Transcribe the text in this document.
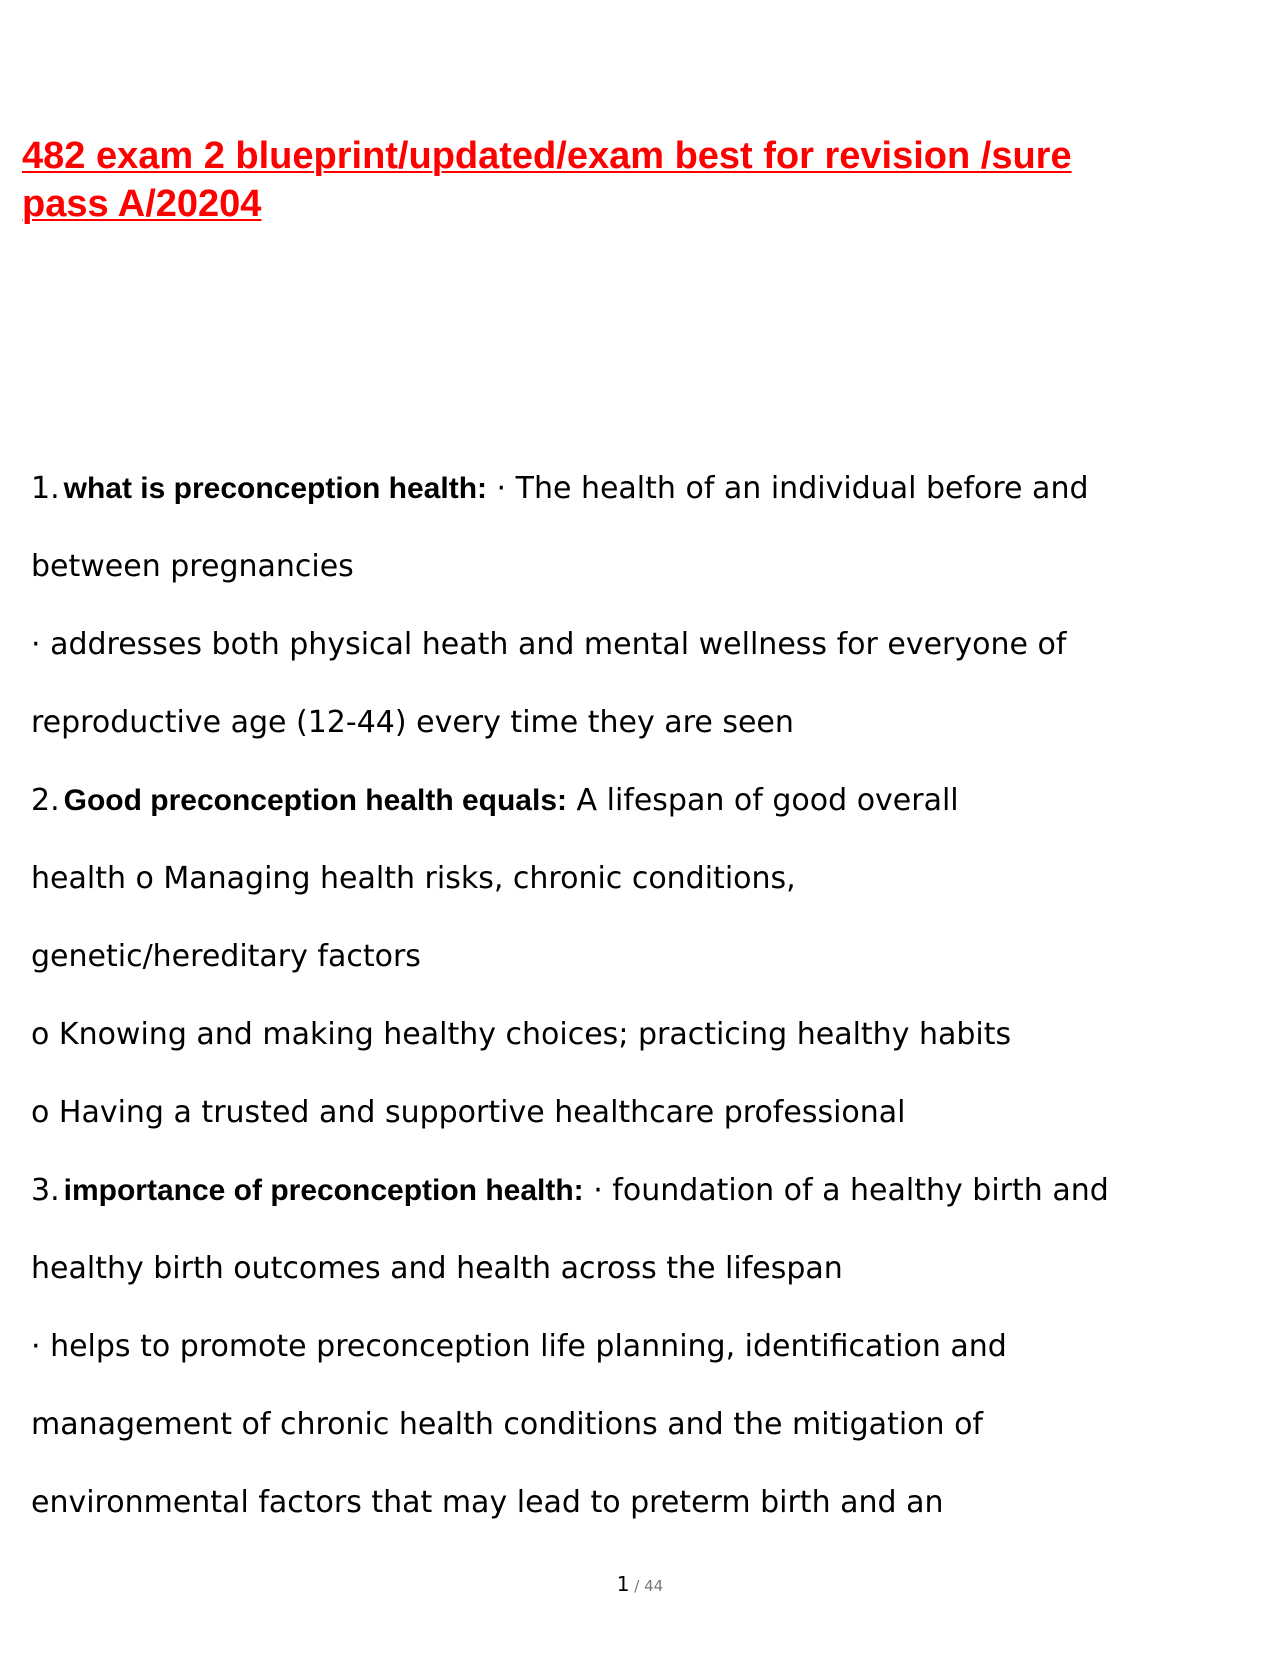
482 exam 2 blueprint/updated/exam best for revision /sure
pass A/20204
1. what is preconception health: · The health of an individual before and
between pregnancies
· addresses both physical heath and mental wellness for everyone of
reproductive age (12-44) every time they are seen
2. Good preconception health equals: A lifespan of good overall
health o Managing health risks, chronic conditions,
genetic/hereditary factors
o Knowing and making healthy choices; practicing healthy habits
o Having a trusted and supportive healthcare professional
3. importance of preconception health: · foundation of a healthy birth and
healthy birth outcomes and health across the lifespan
· helps to promote preconception life planning, identification and
management of chronic health conditions and the mitigation of
environmental factors that may lead to preterm birth and an
1 / 44
